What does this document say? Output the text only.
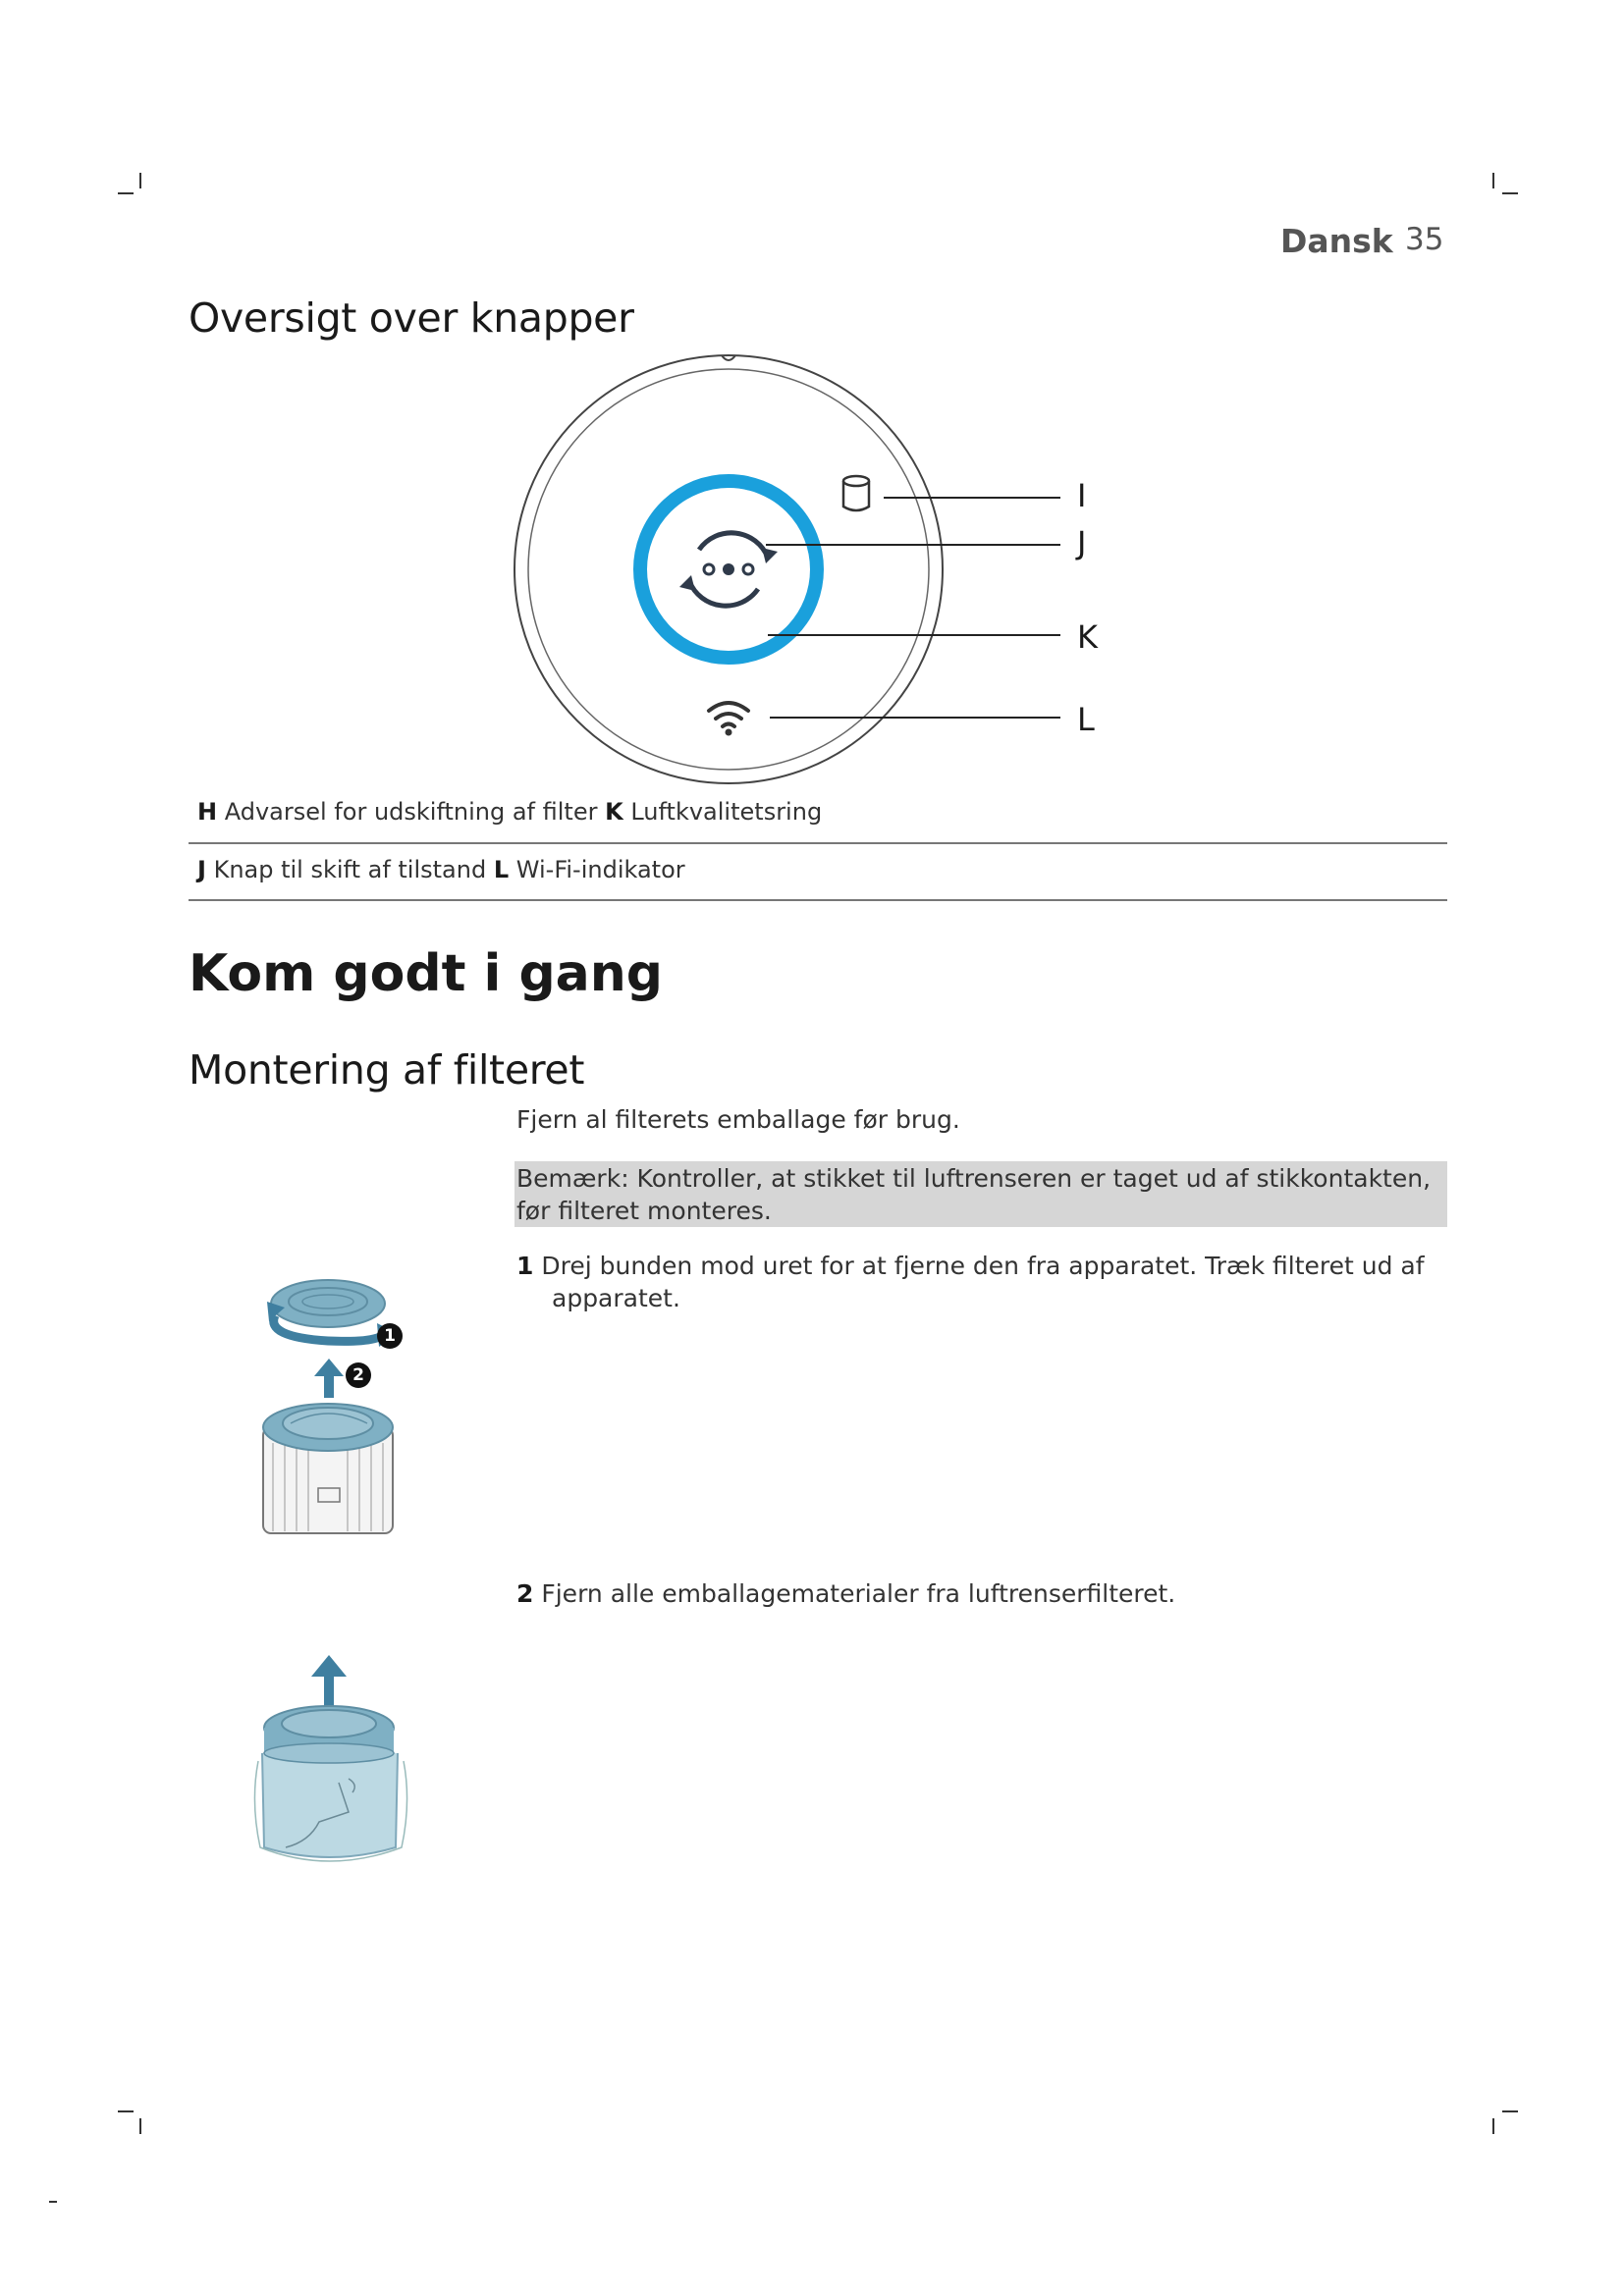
Dansk 35
Oversigt over knapper
I
J
K
L
H Advarsel for udskiftning af filter K Luftkvalitetsring
J Knap til skift af tilstand L Wi-Fi-indikator
Kom godt i gang
Montering af filteret
Fjern al filterets emballage før brug.
Bemærk: Kontroller, at stikket til luftrenseren er taget ud af stikkontakten, før filteret monteres.
1 Drej bunden mod uret for at fjerne den fra apparatet. Træk filteret ud af
apparatet.
2 Fjern alle emballagematerialer fra luftrenserfilteret.
1
2
